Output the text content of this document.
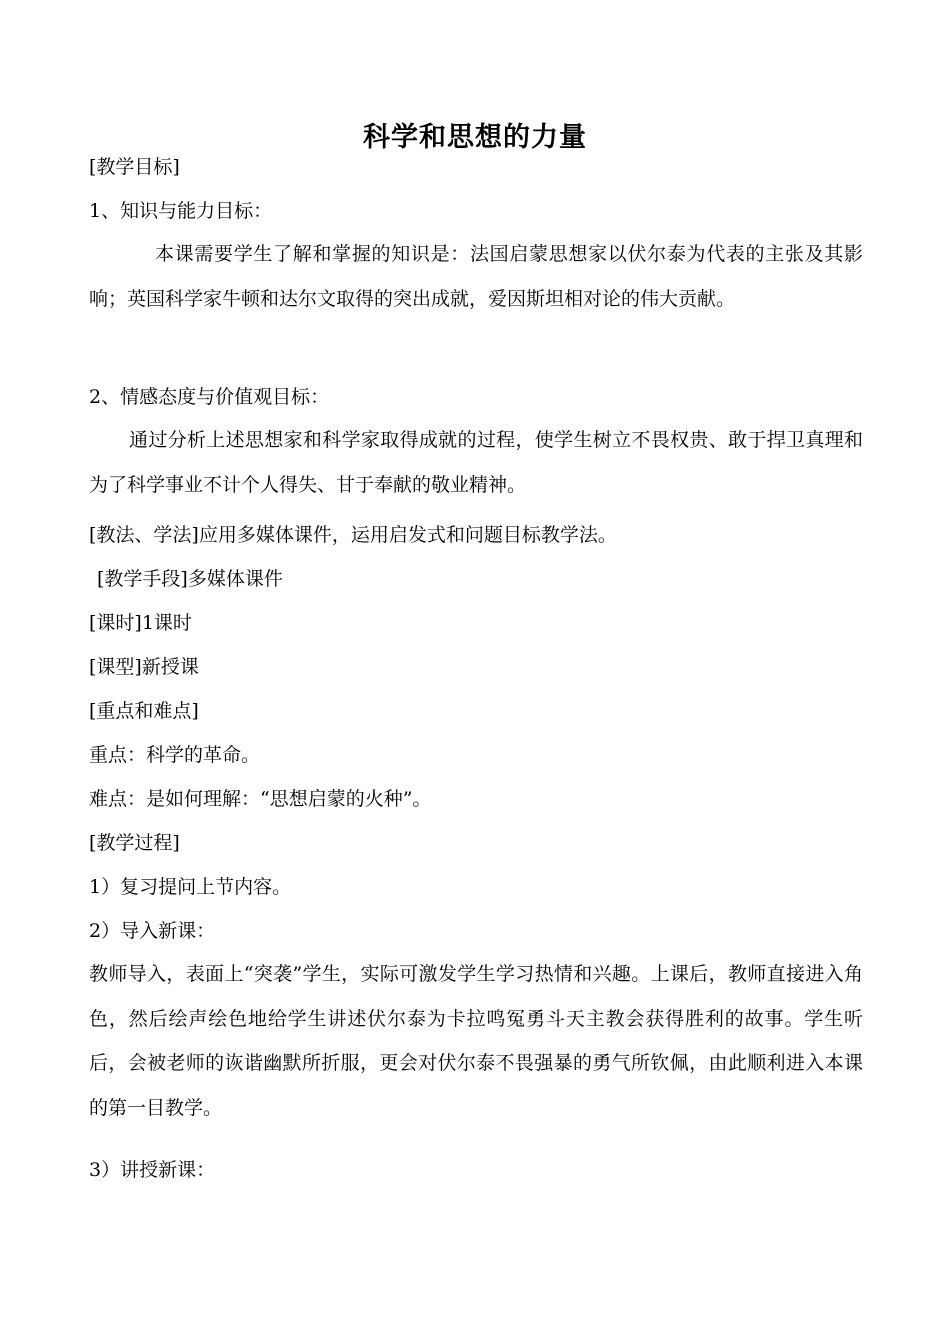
科学和思想的力量
[教学目标]
1、知识与能力目标：
本课需要学生了解和掌握的知识是：法国启蒙思想家以伏尔泰为代表的主张及其影响；英国科学家牛顿和达尔文取得的突出成就，爱因斯坦相对论的伟大贡献。
2、情感态度与价值观目标：
通过分析上述思想家和科学家取得成就的过程，使学生树立不畏权贵、敢于捍卫真理和为了科学事业不计个人得失、甘于奉献的敬业精神。
[教法、学法]应用多媒体课件，运用启发式和问题目标教学法。
[教学手段]多媒体课件
[课时]1课时
[课型]新授课
[重点和难点]
重点：科学的革命。
难点：是如何理解：“思想启蒙的火种”。
[教学过程]
1）复习提问上节内容。
2）导入新课：
教师导入，表面上“突袭”学生，实际可激发学生学习热情和兴趣。上课后，教师直接进入角色，然后绘声绘色地给学生讲述伏尔泰为卡拉鸣冤勇斗天主教会获得胜利的故事。学生听后，会被老师的诙谐幽默所折服，更会对伏尔泰不畏强暴的勇气所钦佩，由此顺利进入本课的第一目教学。
3）讲授新课：
